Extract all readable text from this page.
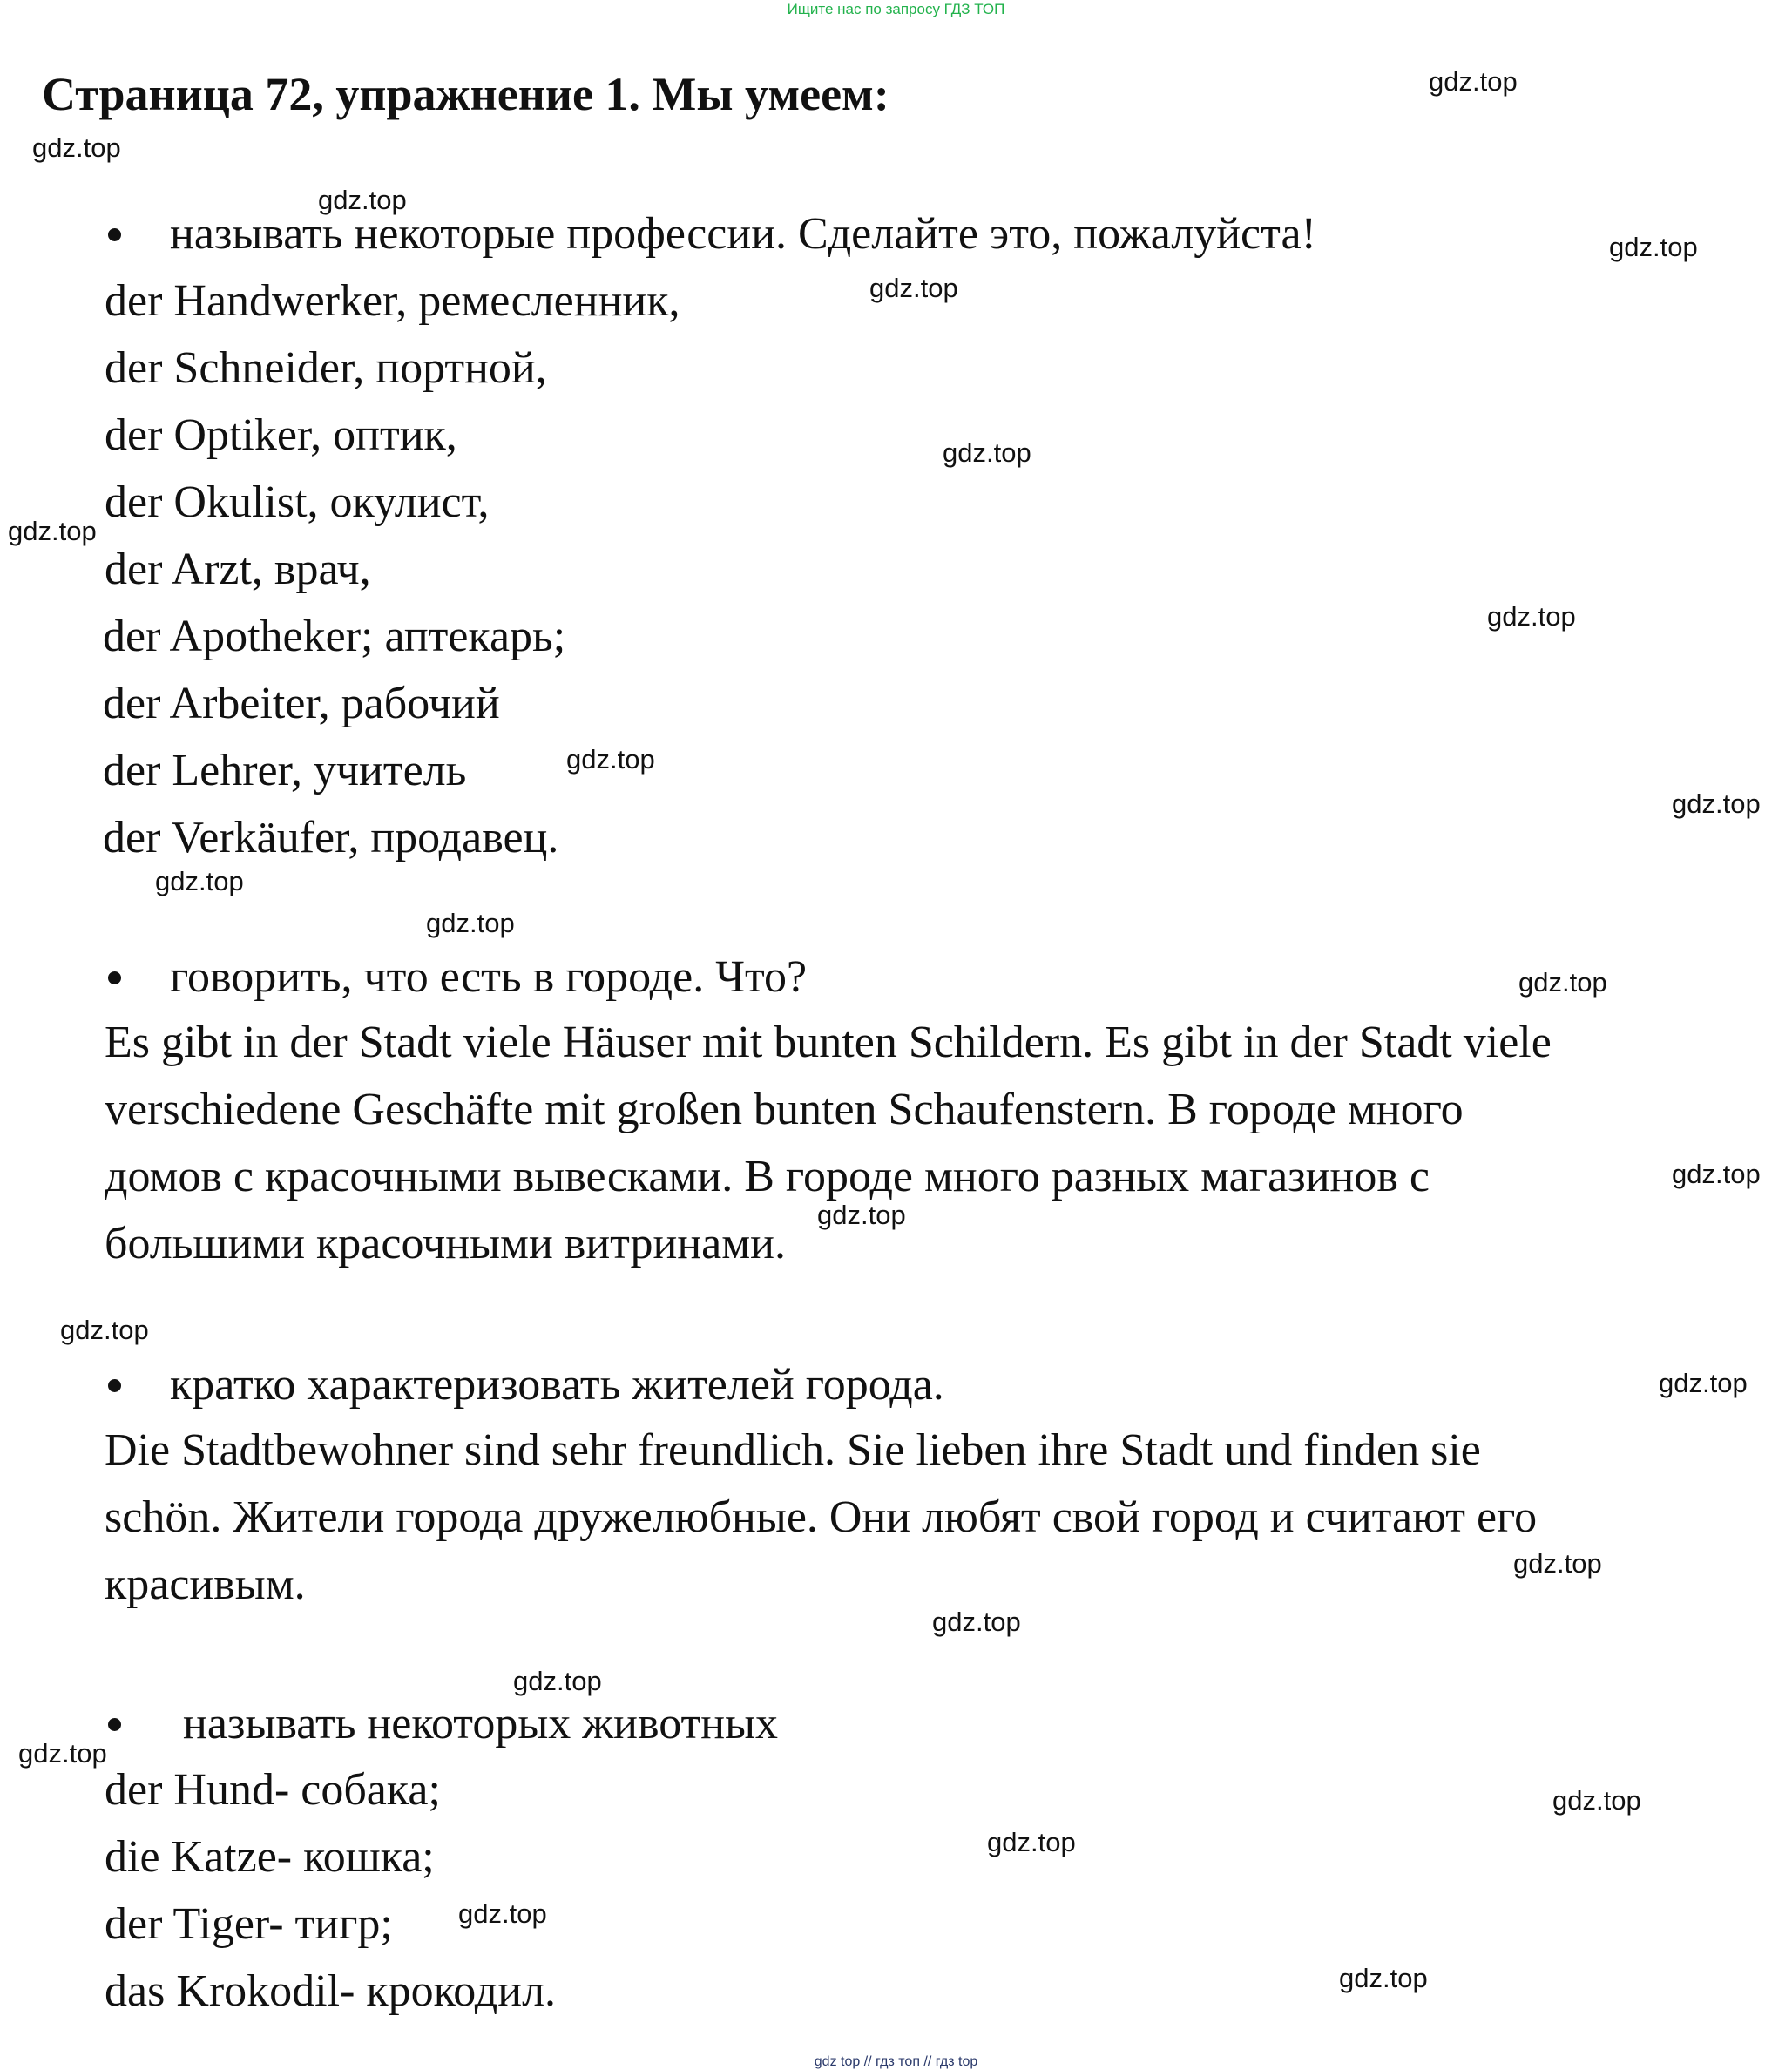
Ищите нас по запросу ГДЗ ТОП
Страница 72, упражнение 1. Мы умеем:
называть некоторые профессии. Сделайте это, пожалуйста!
der Handwerker, ремесленник,
der Schneider, портной,
der Optiker, оптик,
der Okulist, окулист,
der Arzt, врач,
der Apotheker; аптекарь;
der Arbeiter, рабочий
der Lehrer, учитель
der Verkäufer, продавец.
говорить, что есть в городе. Что?
Es gibt in der Stadt viele Häuser mit bunten Schildern. Es gibt in der Stadt viele
verschiedene Geschäfte mit großen bunten Schaufenstern. В городе много
домов с красочными вывесками. В городе много разных магазинов с
большими красочными витринами.
кратко характеризовать жителей города.
Die Stadtbewohner sind sehr freundlich. Sie lieben ihre Stadt und finden sie
schön. Жители города дружелюбные. Они любят свой город и считают его
красивым.
называть некоторых животных
der Hund- собака;
die Katze- кошка;
der Tiger- тигр;
das Krokodil- крокодил.
gdz.top
gdz.top
gdz.top
gdz.top
gdz.top
gdz.top
gdz.top
gdz.top
gdz.top
gdz.top
gdz.top
gdz.top
gdz.top
gdz.top
gdz.top
gdz.top
gdz.top
gdz.top
gdz.top
gdz.top
gdz.top
gdz.top
gdz.top
gdz.top
gdz.top
gdz top // гдз топ // гдз top
